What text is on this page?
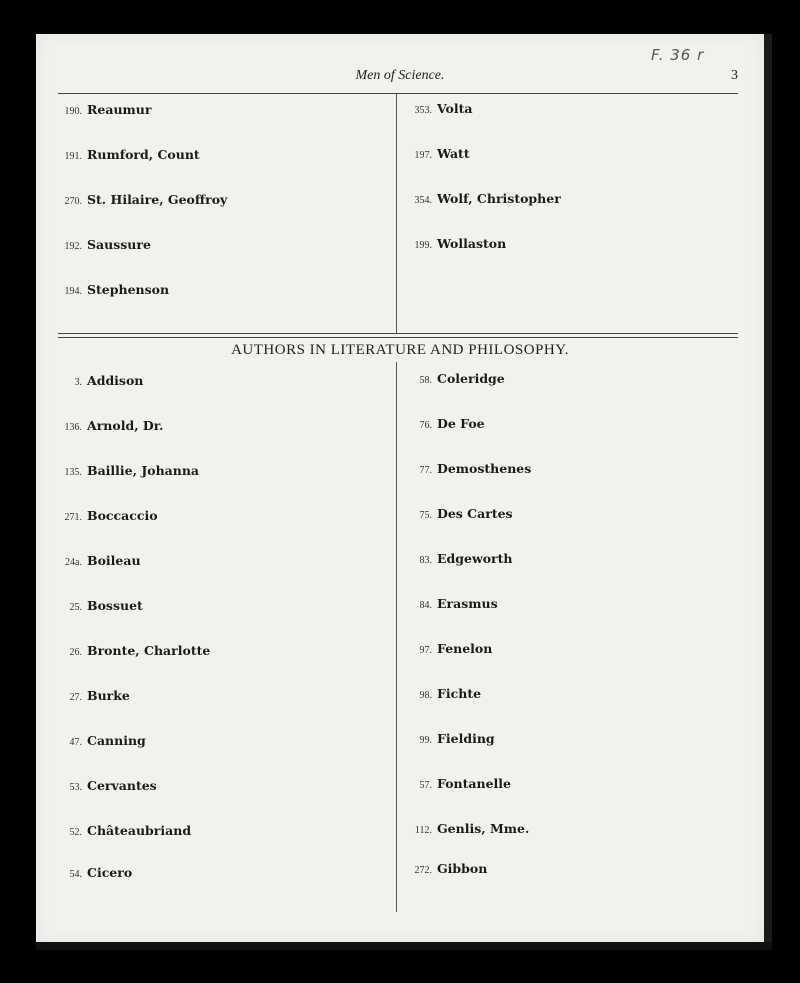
F. 36 r
Men of Science.	3
190. Reaumur
191. Rumford, Count
270. St. Hilaire, Geoffroy
192. Saussure
194. Stephenson
353. Volta
197. Watt
354. Wolf, Christopher
199. Wollaston
AUTHORS IN LITERATURE AND PHILOSOPHY.
3. Addison
136. Arnold, Dr.
135. Baillie, Johanna
271. Boccaccio
24a. Boileau
25. Bossuet
26. Bronte, Charlotte
27. Burke
47. Canning
53. Cervantes
52. Châteaubriand
54. Cicero
58. Coleridge
76. De Foe
77. Demosthenes
75. Des Cartes
83. Edgeworth
84. Erasmus
97. Fenelon
98. Fichte
99. Fielding
57. Fontanelle
112. Genlis, Mme.
272. Gibbon
